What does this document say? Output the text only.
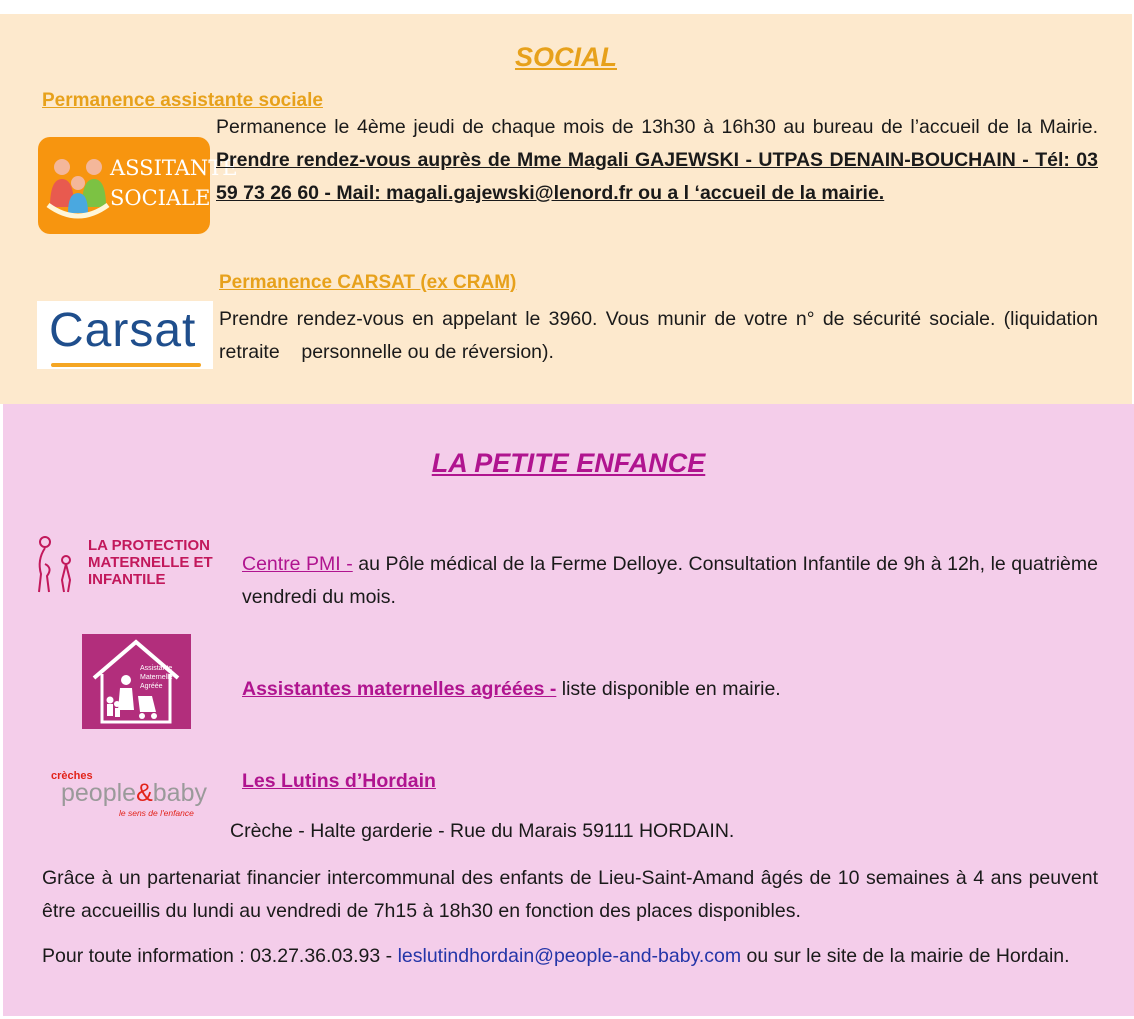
SOCIAL
Permanence assistante sociale
ASSITANTE
SOCIALE
Permanence le 4ème jeudi de chaque mois de 13h30 à 16h30 au bureau de l’accueil de la Mairie. Prendre rendez-vous auprès de Mme Magali GAJEWSKI - UTPAS DENAIN-BOUCHAIN - Tél: 03 59 73 26 60 - Mail: magali.gajewski@lenord.fr ou a l ‘accueil de la mairie.
Permanence CARSAT (ex CRAM)
Carsat Prendre rendez-vous en appelant le 3960. Vous munir de votre n° de sécurité sociale. (liquidation retraite    personnelle ou de réversion).
LA PETITE ENFANCE
LA PROTECTION
MATERNELLE ET
INFANTILE
Centre PMI - au Pôle médical de la Ferme Delloye. Consultation Infantile de 9h à 12h, le quatrième vendredi du mois.
Assistante
Maternelle
Agréée	Assistantes maternelles agréées - liste disponible en mairie.
crèches
people&baby
le sens de l'enfance
Les Lutins d’Hordain
Crèche - Halte garderie - Rue du Marais 59111 HORDAIN.
Grâce à un partenariat financier intercommunal des enfants de Lieu-Saint-Amand âgés de 10 semaines à 4 ans peuvent être accueillis du lundi au vendredi de 7h15 à 18h30 en fonction des places disponibles.
Pour toute information : 03.27.36.03.93 - leslutindhordain@people-and-baby.com ou sur le site de la mairie de Hordain.
